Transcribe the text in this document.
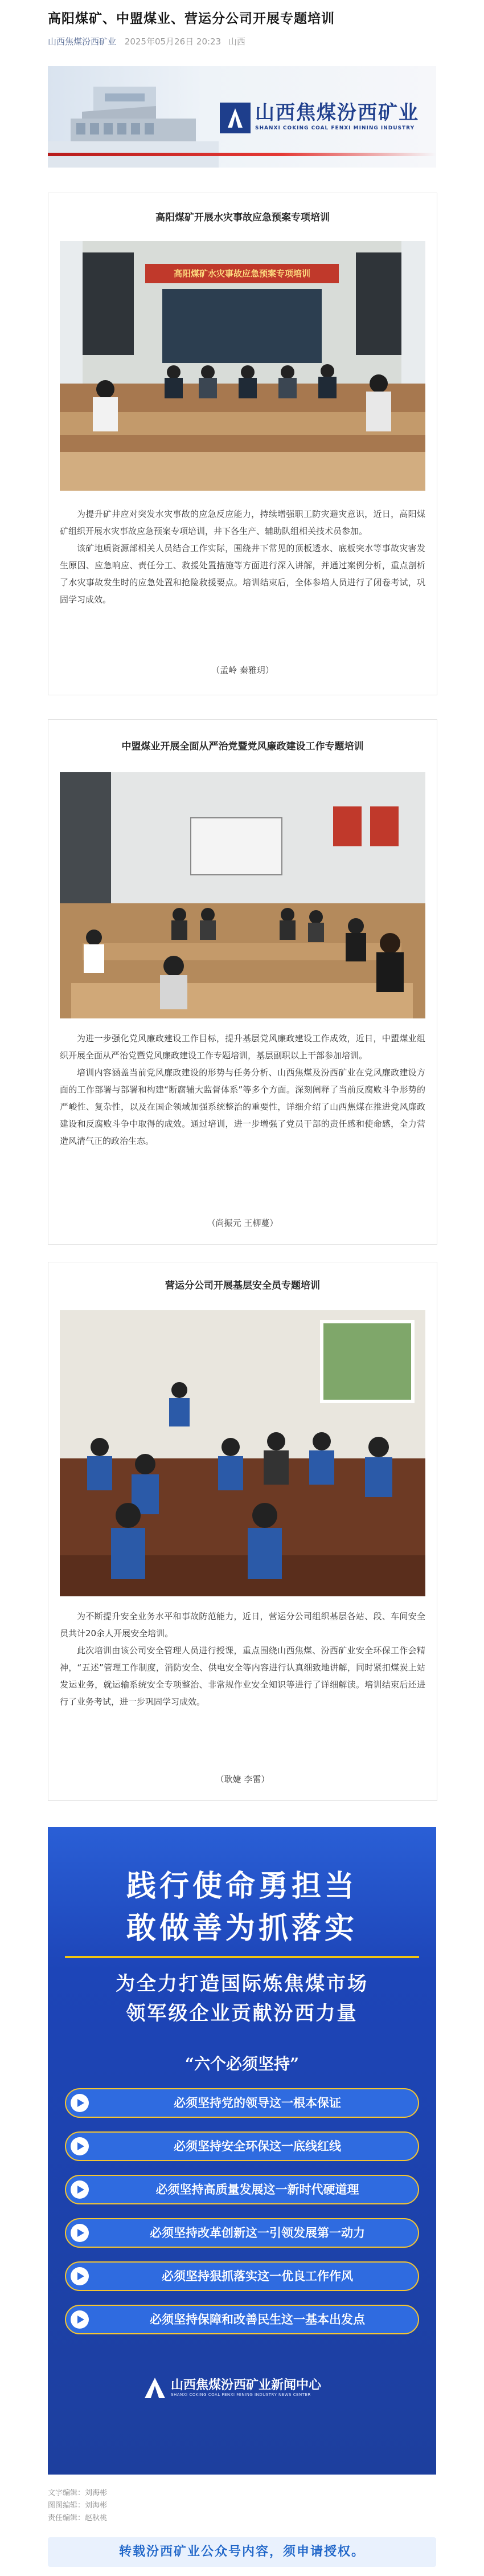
高阳煤矿、中盟煤业、营运分公司开展专题培训
山西焦煤汾西矿业 2025年05月26日 20:23 山西
山西焦煤汾西矿业
SHANXI COKING COAL FENXI MINING INDUSTRY
高阳煤矿开展水灾事故应急预案专项培训
高阳煤矿水灾事故应急预案专项培训

为提升矿井应对突发水灾事故的应急反应能力，持续增强职工防灾避灾意识，近日，高阳煤矿组织开展水灾事故应急预案专项培训，井下各生产、辅助队组相关技术员参加。

该矿地质资源部相关人员结合工作实际，围绕井下常见的顶板透水、底板突水等事故灾害发生原因、应急响应、责任分工、救援处置措施等方面进行深入讲解，并通过案例分析，重点剖析了水灾事故发生时的应急处置和抢险救援要点。培训结束后，全体参培人员进行了闭卷考试，巩固学习成效。

（孟岭 秦雅玥）
中盟煤业开展全面从严治党暨党风廉政建设工作专题培训

为进一步强化党风廉政建设工作目标，提升基层党风廉政建设工作成效，近日，中盟煤业组织开展全面从严治党暨党风廉政建设工作专题培训，基层副职以上干部参加培训。

培训内容涵盖当前党风廉政建设的形势与任务分析、山西焦煤及汾西矿业在党风廉政建设方面的工作部署与部署和构建“断腐辅大监督体系”等多个方面。深刻阐释了当前反腐败斗争形势的严峻性、复杂性，以及在国企领域加强系统整治的重要性，详细介绍了山西焦煤在推进党风廉政建设和反腐败斗争中取得的成效。通过培训，进一步增强了党员干部的责任感和使命感，全力营造风清气正的政治生态。

（尚振元 王柳蔓）
营运分公司开展基层安全员专题培训

为不断提升安全业务水平和事故防范能力，近日，营运分公司组织基层各站、段、车间安全员共计20余人开展安全培训。

此次培训由该公司安全管理人员进行授课，重点围绕山西焦煤、汾西矿业安全环保工作会精神，“五述”管理工作制度，消防安全、供电安全等内容进行认真细致地讲解，同时紧扣煤炭上站发运业务，就运输系统安全专项整治、非常规作业安全知识等进行了详细解读。培训结束后还进行了业务考试，进一步巩固学习成效。

（耿婕 李雷）
践行使命勇担当
敢做善为抓落实
为全力打造国际炼焦煤市场
领军级企业贡献汾西力量
“六个必须坚持”
必须坚持党的领导这一根本保证
必须坚持安全环保这一底线红线
必须坚持高质量发展这一新时代硬道理
必须坚持改革创新这一引领发展第一动力
必须坚持狠抓落实这一优良工作作风
必须坚持保障和改善民生这一基本出发点
山西焦煤汾西矿业新闻中心
SHANXI COKING COAL FENXI MINING INDUSTRY NEWS CENTER
文字编辑：刘海彬
图图编辑：刘海彬
责任编辑：赵秋桃
转载汾西矿业公众号内容，须申请授权。
